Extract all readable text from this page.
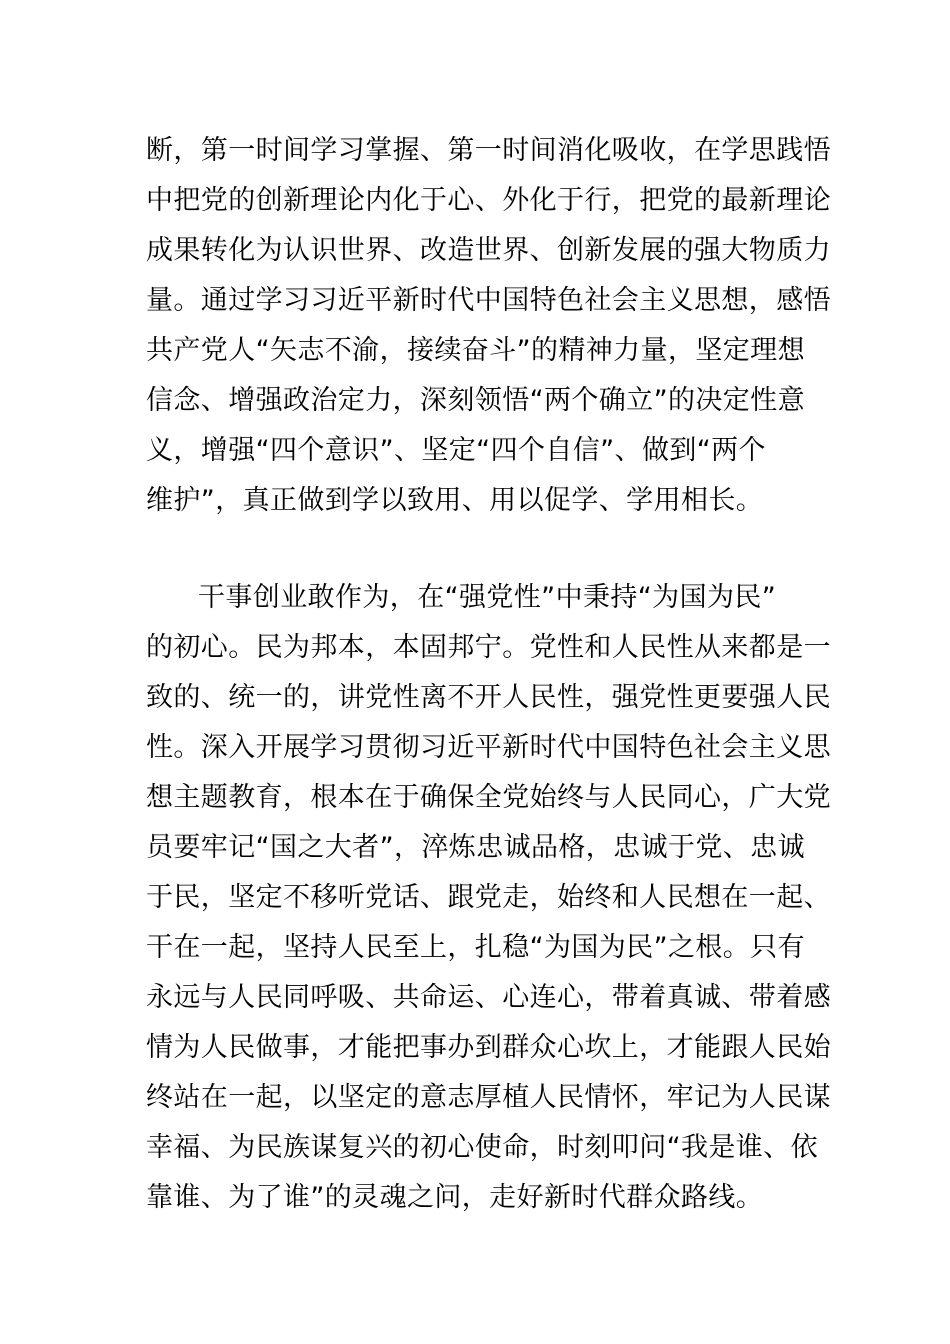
断，第一时间学习掌握、第一时间消化吸收，在学思践悟
中把党的创新理论内化于心、外化于行，把党的最新理论
成果转化为认识世界、改造世界、创新发展的强大物质力
量。通过学习习近平新时代中国特色社会主义思想，感悟
共产党人“矢志不渝，接续奋斗”的精神力量，坚定理想
信念、增强政治定力，深刻领悟“两个确立”的决定性意
义，增强“四个意识”、坚定“四个自信”、做到“两个
维护”，真正做到学以致用、用以促学、学用相长。
干事创业敢作为，在“强党性”中秉持“为国为民”
的初心。民为邦本，本固邦宁。党性和人民性从来都是一
致的、统一的，讲党性离不开人民性，强党性更要强人民
性。深入开展学习贯彻习近平新时代中国特色社会主义思
想主题教育，根本在于确保全党始终与人民同心，广大党
员要牢记“国之大者”，淬炼忠诚品格，忠诚于党、忠诚
于民，坚定不移听党话、跟党走，始终和人民想在一起、
干在一起，坚持人民至上，扎稳“为国为民”之根。只有
永远与人民同呼吸、共命运、心连心，带着真诚、带着感
情为人民做事，才能把事办到群众心坎上，才能跟人民始
终站在一起，以坚定的意志厚植人民情怀，牢记为人民谋
幸福、为民族谋复兴的初心使命，时刻叩问“我是谁、依
靠谁、为了谁”的灵魂之问，走好新时代群众路线。
